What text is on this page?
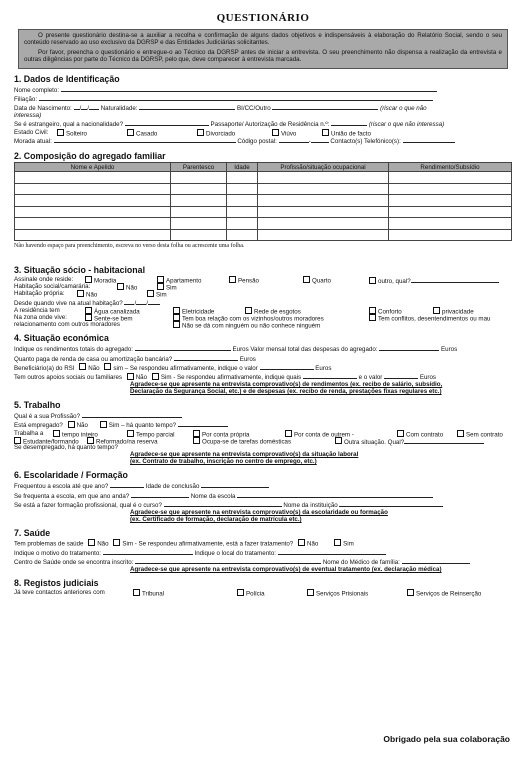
QUESTIONÁRIO

O presente questionário destina-se a auxiliar a recolha e confirmação de alguns dados objetivos e indispensáveis à elaboração do Relatório Social, sendo o seu conteúdo reservado ao uso exclusivo da DGRSP e das Entidades Judiciárias solicitantes.

Por favor, preencha o questionário e entregue-o ao Técnico da DGRSP antes de iniciar a entrevista. O seu preenchimento não dispensa a realização da entrevista e outras diligências por parte do Técnico da DGRSP, pelo que, deve comparecer à entrevista marcada.

1. Dados de Identificação
Nome completo:
Filiação:
Data de Nascimento: / / Naturalidade:	BI/CC/Outro	(riscar o que não
interessa)
Se é estrangeiro, qual a nacionalidade?	Passaporte/ Autorização de Residência n.º:	(riscar o que não interessa)
Estado Civil:	Solteiro	Casado	Divorciado	Viúvo	União de facto
Morada atual:	Código postal:	-	Contacto(s) Telefónico(s):
2. Composição do agregado familiar
Nome e Apelido	Parentesco	Idade	Profissão/situação ocupacional	Rendimento/Subsídio

Não havendo espaço para preenchimento, escreva no verso desta folha ou acrescente uma folha.
3. Situação sócio - habitacional
Assinale onde reside:	Moradia	Apartamento	Pensão	Quarto	outro, qual?
Habitação social/camarária:	Não	Sim
Habitação própria:	Não	Sim
Desde quando vive na atual habitação? / /
A residência tem	Água canalizada	Eletricidade	Rede de esgotos	Conforto	privacidade
Na zona onde vive:	Sente-se bem	Tem boa relação com os vizinhos/outros moradores	Tem conflitos, desentendimentos ou mau
relacionamento com outros moradores	Não se dá com ninguém ou não conhece ninguém
4. Situação económica
Indique os rendimentos totais do agregado:	Euros Valor mensal total das despesas do agregado:	Euros
Quanto paga de renda de casa ou amortização bancária?	Euros
Beneficiário(a) do RSI Não sim – Se respondeu afirmativamente, indique o valor	Euros
Tem outros apoios sociais ou familiares Não Sim - Se respondeu afirmativamente, indique quais	e o valor	Euros
Agradece-se que apresente na entrevista comprovativo(s) de rendimentos (ex. recibo de salário, subsídio,
Declaração da Segurança Social, etc.) e de despesas (ex. recibo de renda, prestações fixas regulares etc.)
5. Trabalho
Qual é a sua Profissão?
Está empregado? Não	Sim – há quanto tempo?
Trabalha a	tempo inteiro	Tempo parcial	Por conta própria	Por conta de outrem -	Com contrato	Sem contrato
Estudante/formando	Reformado/na reserva	Ocupa-se de tarefas domésticas	Outra situação. Qual?

Se desempregado, há quanto tempo?
Agradece-se que apresente na entrevista comprovativo(s) da situação laboral
(ex. Contrato de trabalho, inscrição no centro de emprego, etc.)
6. Escolaridade / Formação
Frequentou a escola até que ano?	Idade de conclusão
Se frequenta a escola, em que ano anda?	Nome da escola
Se está a fazer formação profissional, qual é o curso?	Nome da instituição
Agradece-se que apresente na entrevista comprovativo(s) da escolaridade ou formação
(ex. Certificado de formação, declaração de matrícula etc.)
7. Saúde
Tem problemas de saúde Não Sim - Se respondeu afirmativamente, está a fazer tratamento? Não	Sim
Indique o motivo do tratamento:	Indique o local do tratamento:
Centro de Saúde onde se encontra inscrito:	Nome do Médico de família:
Agradece-se que apresente na entrevista comprovativo(s) de eventual tratamento (ex. declaração médica)
8. Registos judiciais
Já teve contactos anteriores com	Tribunal	Polícia	Serviços Prisionais	Serviços de Reinserção

Obrigado pela sua colaboração
